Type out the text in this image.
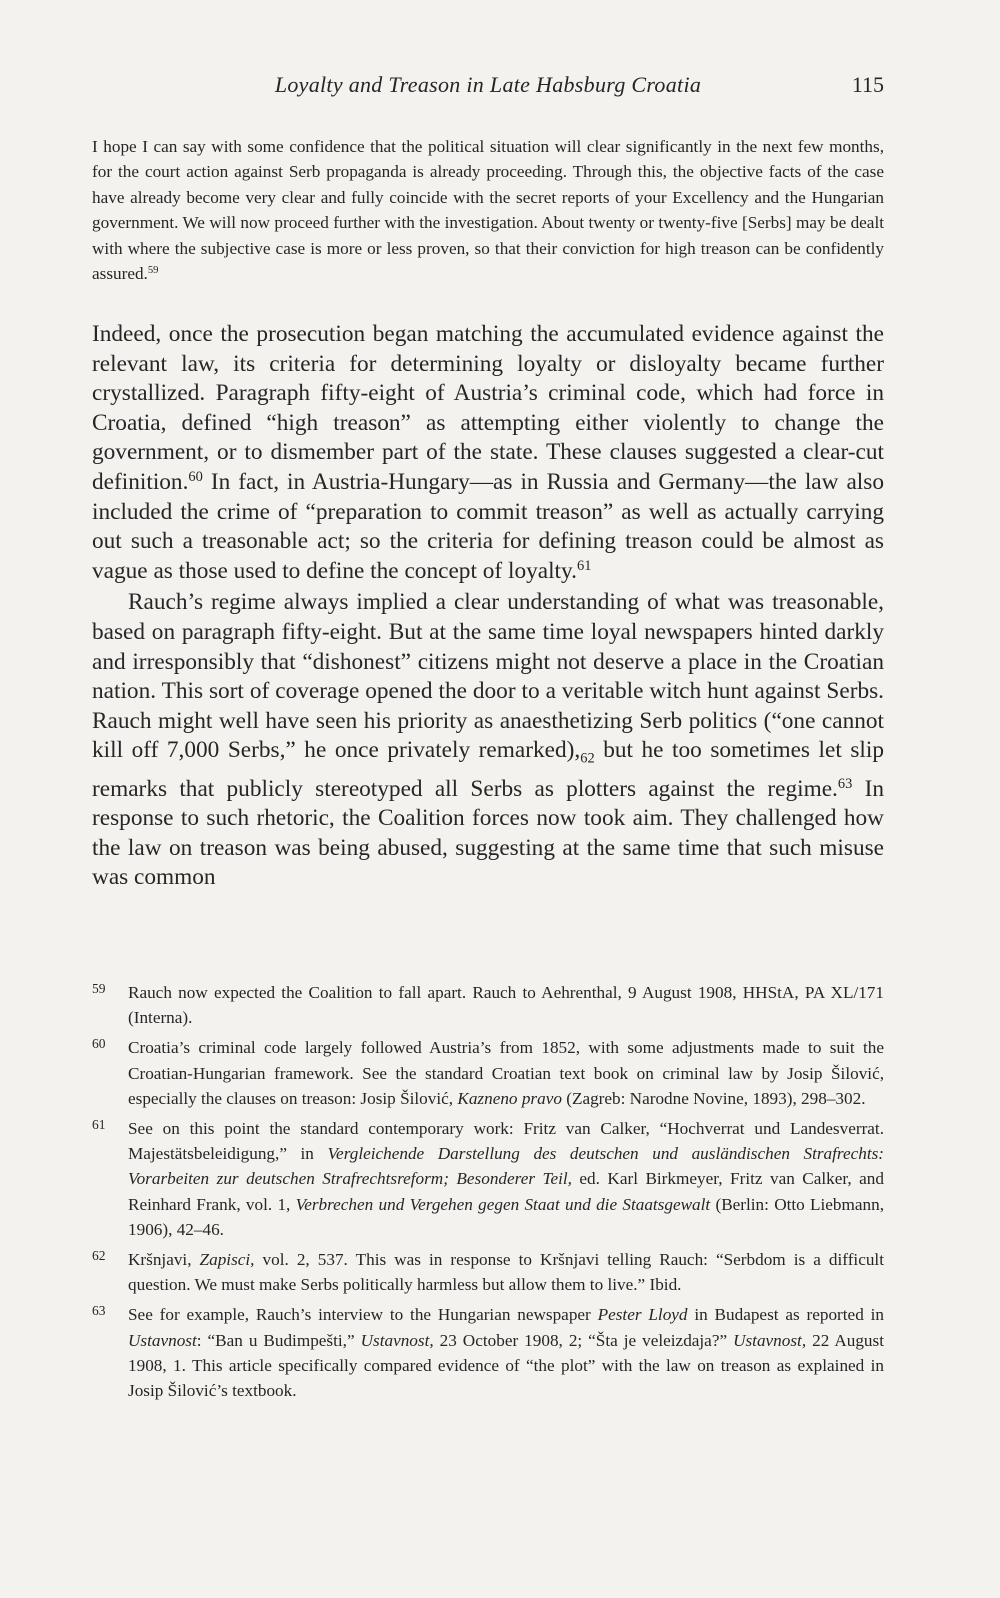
Loyalty and Treason in Late Habsburg Croatia	115

I hope I can say with some confidence that the political situation will clear significantly in the next few months, for the court action against Serb propaganda is already proceeding. Through this, the objective facts of the case have already become very clear and fully coincide with the secret reports of your Excellency and the Hungarian government. We will now proceed further with the investigation. About twenty or twenty-five [Serbs] may be dealt with where the subjective case is more or less proven, so that their conviction for high treason can be confidently assured.$^{59}$

Indeed, once the prosecution began matching the accumulated evidence against the relevant law, its criteria for determining loyalty or disloyalty became further crystallized. Paragraph fifty-eight of Austria’s criminal code, which had force in Croatia, defined “high treason” as attempting either violently to change the government, or to dismember part of the state. These clauses suggested a clear-cut definition.$^{60}$ In fact, in Austria-Hungary—as in Russia and Germany—the law also included the crime of “preparation to commit treason” as well as actually carrying out such a treasonable act; so the criteria for defining treason could be almost as vague as those used to define the concept of loyalty.$^{61}$

Rauch’s regime always implied a clear understanding of what was treasonable, based on paragraph fifty-eight. But at the same time loyal newspapers hinted darkly and irresponsibly that “dishonest” citizens might not deserve a place in the Croatian nation. This sort of coverage opened the door to a veritable witch hunt against Serbs. Rauch might well have seen his priority as anaesthetizing Serb politics (“one cannot kill off 7,000 Serbs,” he once privately $remarked),_{62}$ but he too sometimes let slip remarks that publicly stereotyped all Serbs as plotters against the regime.$^{63}$ In response to such rhetoric, the Coalition forces now took aim. They challenged how the law on treason was being abused, suggesting at the same time that such misuse was common

59 Rauch now expected the Coalition to fall apart. Rauch to Aehrenthal, 9 August 1908, HHStA, PA XL/171 (Interna).
60 Croatia’s criminal code largely followed Austria’s from 1852, with some adjustments made to suit the Croatian-Hungarian framework. See the standard Croatian text book on criminal law by Josip Šilović, especially the clauses on treason: Josip Šilović, Kazneno pravo (Zagreb: Narodne Novine, 1893), 298–302.
61 See on this point the standard contemporary work: Fritz van Calker, “Hochverrat und Landesverrat. Majestätsbeleidigung,” in Vergleichende Darstellung des deutschen und ausländischen Strafrechts: Vorarbeiten zur deutschen Strafrechtsreform; Besonderer Teil, ed. Karl Birkmeyer, Fritz van Calker, and Reinhard Frank, vol. 1, Verbrechen und Vergehen gegen Staat und die Staatsgewalt (Berlin: Otto Liebmann, 1906), 42–46.
62 Kršnjavi, Zapisci, vol. 2, 537. This was in response to Kršnjavi telling Rauch: “Serbdom is a difficult question. We must make Serbs politically harmless but allow them to live.” Ibid.
63 See for example, Rauch’s interview to the Hungarian newspaper Pester Lloyd in Budapest as reported in Ustavnost: “Ban u Budimpešti,” Ustavnost, 23 October 1908, 2; “Šta je veleizdaja?” Ustavnost, 22 August 1908, 1. This article specifically compared evidence of “the plot” with the law on treason as explained in Josip Šilović’s textbook.
